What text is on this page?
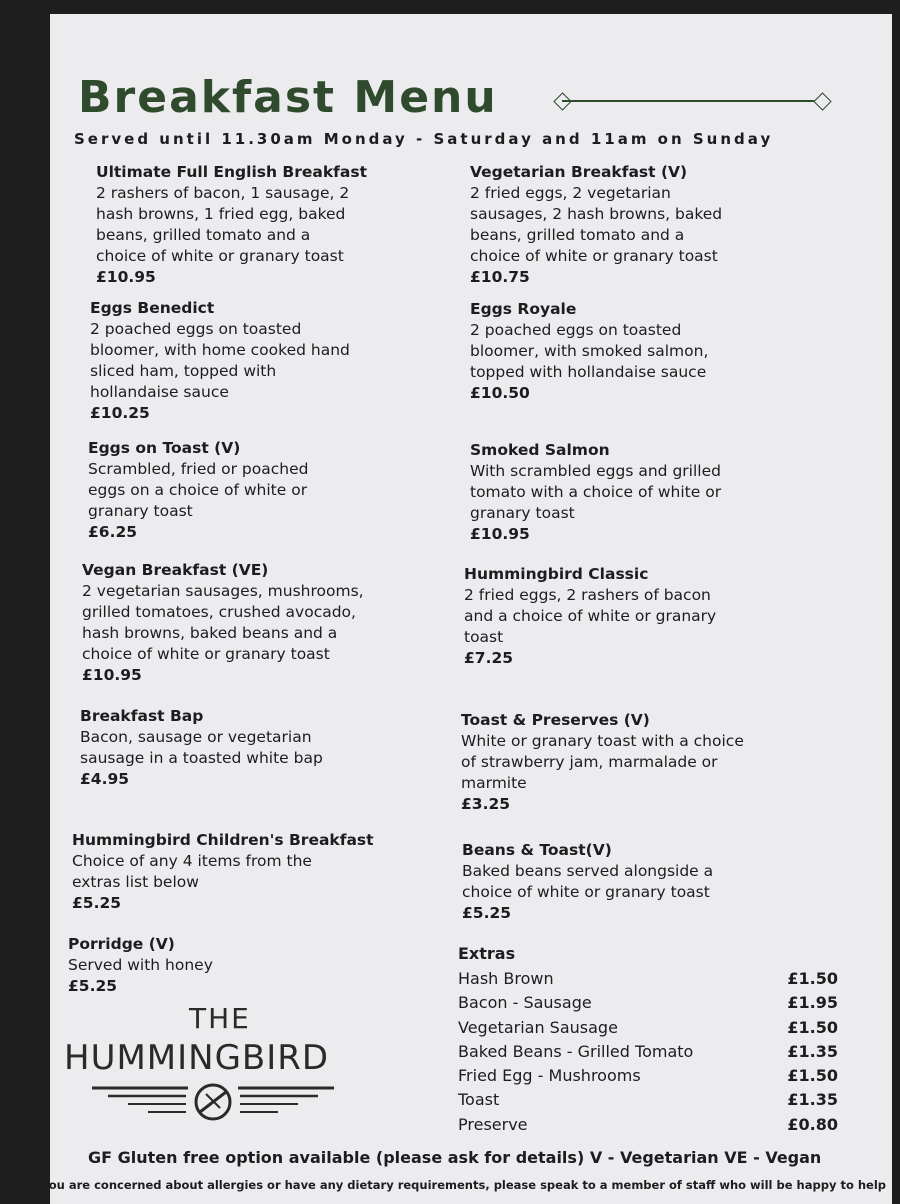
Breakfast Menu
Served until 11.30am Monday - Saturday and 11am on Sunday
Ultimate Full English Breakfast
2 rashers of bacon, 1 sausage, 2
hash browns, 1 fried egg, baked
beans, grilled tomato and a
choice of white or granary toast
£10.95
Eggs Benedict
2 poached eggs on toasted
bloomer, with home cooked hand
sliced ham, topped with
hollandaise sauce
£10.25
Eggs on Toast (V)
Scrambled, fried or poached
eggs on a choice of white or
granary toast
£6.25
Vegan Breakfast (VE)
2 vegetarian sausages, mushrooms,
grilled tomatoes, crushed avocado,
hash browns, baked beans and a
choice of white or granary toast
£10.95
Breakfast Bap
Bacon, sausage or vegetarian
sausage in a toasted white bap
£4.95
Hummingbird Children's Breakfast
Choice of any 4 items from the
extras list below
£5.25
Porridge (V)
Served with honey
£5.25
Vegetarian Breakfast (V)
2 fried eggs, 2 vegetarian
sausages, 2 hash browns, baked
beans, grilled tomato and a
choice of white or granary toast
£10.75
Eggs Royale
2 poached eggs on toasted
bloomer, with smoked salmon,
topped with hollandaise sauce
£10.50
Smoked Salmon
With scrambled eggs and grilled
tomato with a choice of white or
granary toast
£10.95
Hummingbird Classic
2 fried eggs, 2 rashers of bacon
and a choice of white or granary
toast
£7.25
Toast & Preserves (V)
White or granary toast with a choice
of strawberry jam, marmalade or
marmite
£3.25
Beans & Toast(V)
Baked beans served alongside a
choice of white or granary toast
£5.25
Extras
Hash Brown	£1.50
Bacon - Sausage	£1.95
Vegetarian Sausage	£1.50
Baked Beans - Grilled Tomato	£1.35
Fried Egg - Mushrooms	£1.50
Toast	£1.35
Preserve	£0.80
THE
HUMMINGBIRD
GF Gluten free option available (please ask for details) V - Vegetarian VE - Vegan
If you are concerned about allergies or have any dietary requirements, please speak to a member of staff who will be happy to help
